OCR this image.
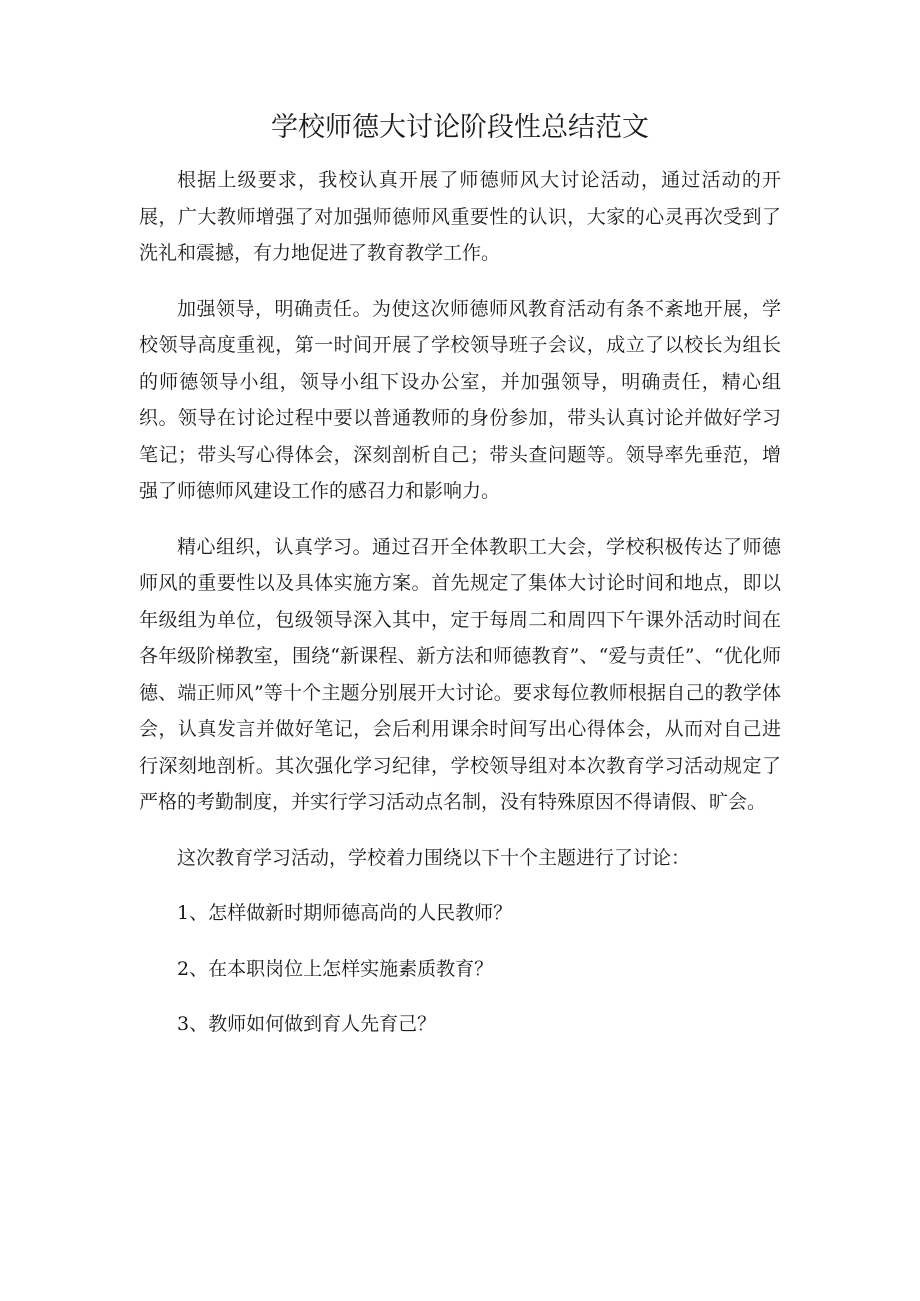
学校师德大讨论阶段性总结范文

根据上级要求，我校认真开展了师德师风大讨论活动，通过活动的开展，广大教师增强了对加强师德师风重要性的认识，大家的心灵再次受到了洗礼和震撼，有力地促进了教育教学工作。

加强领导，明确责任。为使这次师德师风教育活动有条不紊地开展，学校领导高度重视，第一时间开展了学校领导班子会议，成立了以校长为组长的师德领导小组，领导小组下设办公室，并加强领导，明确责任，精心组织。领导在讨论过程中要以普通教师的身份参加，带头认真讨论并做好学习笔记；带头写心得体会，深刻剖析自己；带头查问题等。领导率先垂范，增强了师德师风建设工作的感召力和影响力。

精心组织，认真学习。通过召开全体教职工大会，学校积极传达了师德师风的重要性以及具体实施方案。首先规定了集体大讨论时间和地点，即以年级组为单位，包级领导深入其中，定于每周二和周四下午课外活动时间在各年级阶梯教室，围绕“新课程、新方法和师德教育”、“爱与责任”、“优化师德、端正师风”等十个主题分别展开大讨论。要求每位教师根据自己的教学体会，认真发言并做好笔记，会后利用课余时间写出心得体会，从而对自己进行深刻地剖析。其次强化学习纪律，学校领导组对本次教育学习活动规定了严格的考勤制度，并实行学习活动点名制，没有特殊原因不得请假、旷会。

这次教育学习活动，学校着力围绕以下十个主题进行了讨论：

1、怎样做新时期师德高尚的人民教师？

2、在本职岗位上怎样实施素质教育？

3、教师如何做到育人先育己？
